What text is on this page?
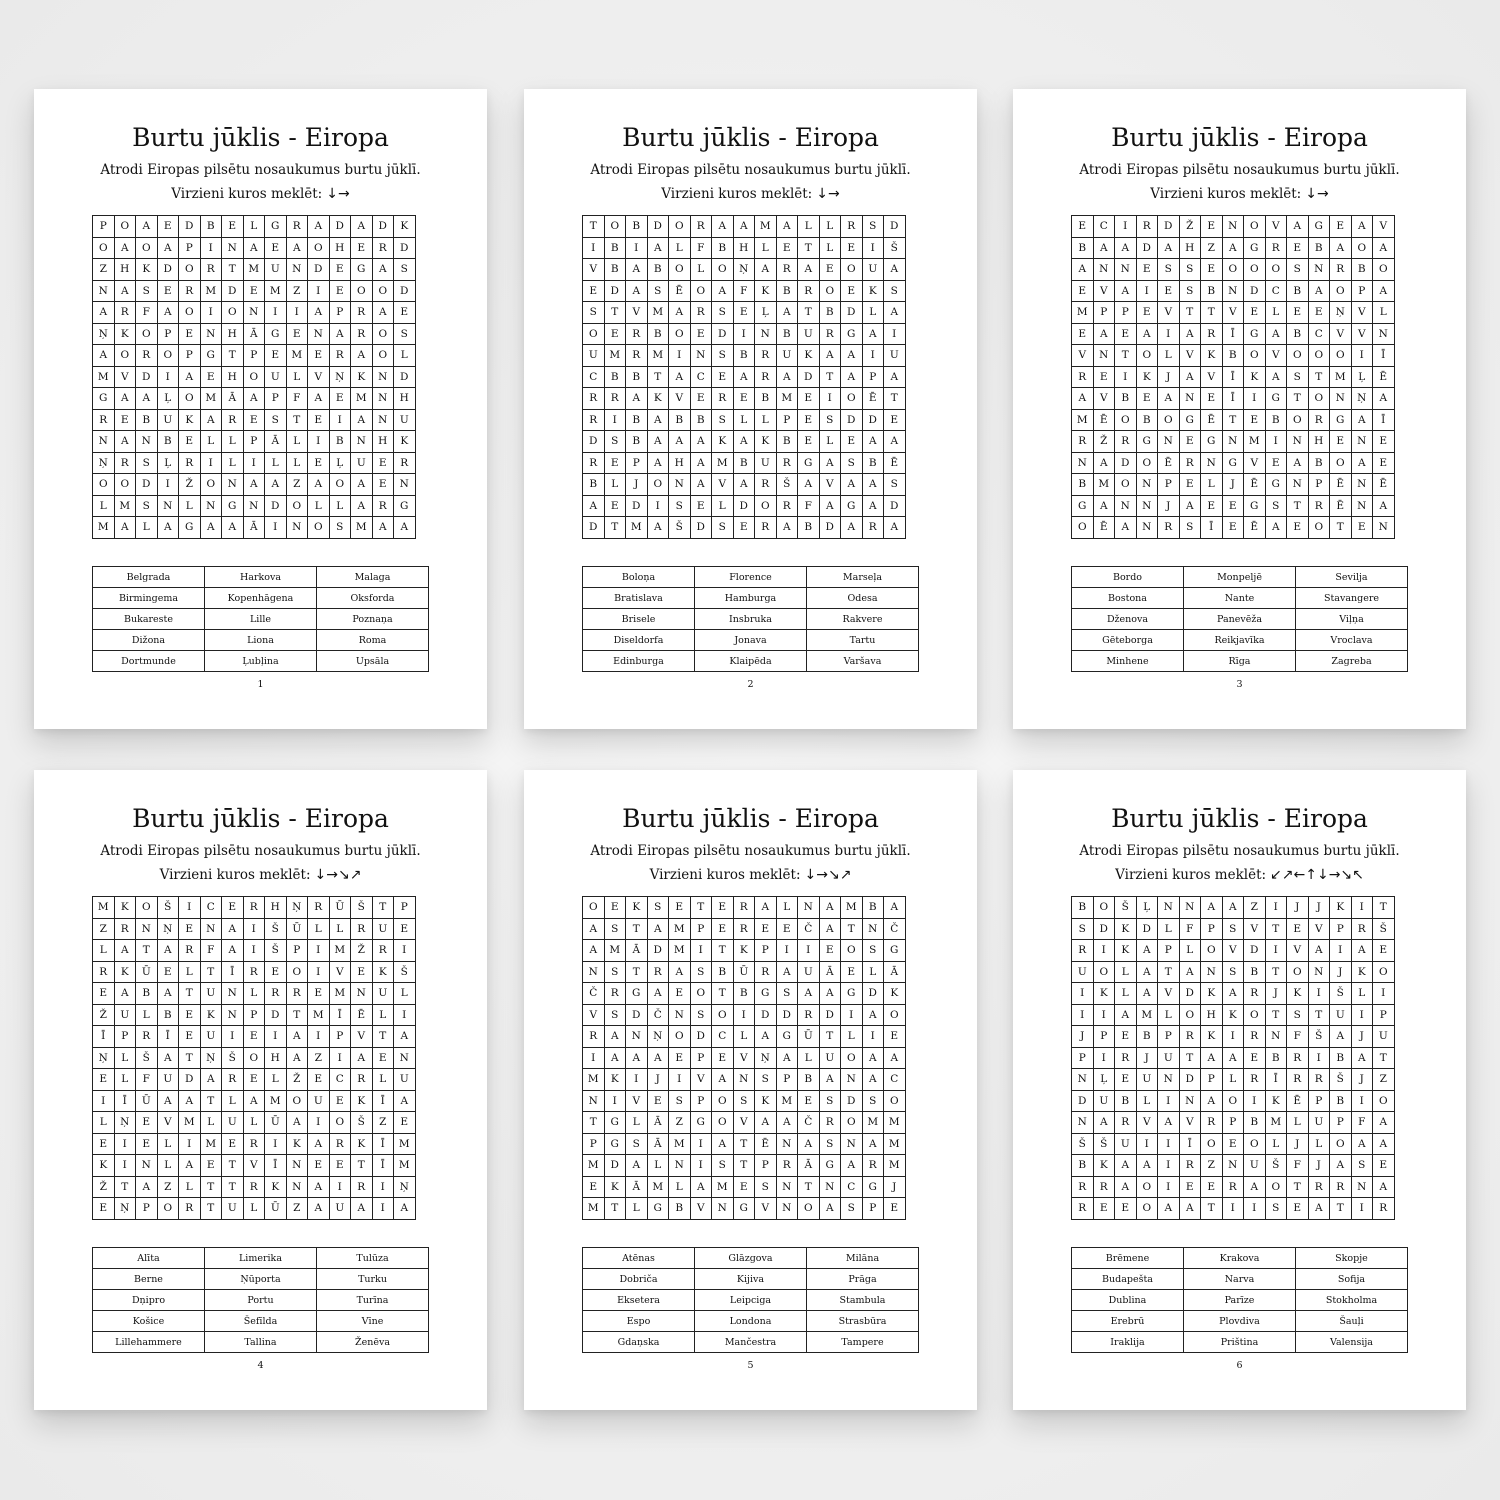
Burtu jūklis - Eiropa
Atrodi Eiropas pilsētu nosaukumus burtu jūklī.
Virzieni kuros meklēt: ↓→
P	O	A	E	D	B	E	L	G	R	A	D	A	D	K
O	A	O	A	P	I	N	A	E	A	O	H	E	R	D
Z	H	K	D	O	R	T	M	U	N	D	E	G	A	S
N	A	S	E	R	M	D	E	M	Z	I	E	O	O	D
A	R	F	A	O	I	O	N	I	I	A	P	R	A	E
Ņ	K	O	P	E	N	H	Ā	G	E	N	A	R	O	S
A	O	R	O	P	G	T	P	E	M	E	R	A	O	L
M	V	D	I	A	E	H	O	U	L	V	Ņ	K	N	D
G	A	A	Ļ	O	M	Ā	A	P	F	A	E	M	N	H
R	E	B	U	K	A	R	E	S	T	E	I	A	N	U
N	A	N	B	E	L	L	P	Ā	L	I	B	N	H	K
Ņ	R	S	Ļ	R	I	L	I	L	L	E	Ļ	U	E	R
O	O	D	I	Ž	O	N	A	A	Z	A	O	A	E	N
L	M	S	N	L	N	G	N	D	O	L	L	A	R	G
M	A	L	A	G	A	A	Ā	I	N	O	S	M	A	A
Belgrada	Harkova	Malaga
Birmingema	Kopenhāgena	Oksforda
Bukareste	Lille	Poznaņa
Dižona	Liona	Roma
Dortmunde	Ļubļina	Upsāla
1
Burtu jūklis - Eiropa
Atrodi Eiropas pilsētu nosaukumus burtu jūklī.
Virzieni kuros meklēt: ↓→
T	O	B	D	O	R	A	A	M	A	L	L	R	S	D
I	B	I	A	L	F	B	H	L	E	T	L	E	I	Š
V	B	A	B	O	L	O	Ņ	A	R	A	E	O	U	A
E	D	A	S	Ē	O	A	F	K	B	R	O	E	K	S
S	T	V	M	A	R	S	E	Ļ	A	T	B	D	L	A
O	E	R	B	O	E	D	I	N	B	U	R	G	A	I
U	M	R	M	I	N	S	B	R	U	K	A	A	I	U
C	B	B	T	A	C	E	A	R	A	D	T	A	P	A
R	R	A	K	V	E	R	E	B	M	E	I	O	Ē	T
R	I	B	A	B	B	S	L	L	P	E	S	D	D	E
D	S	B	A	A	A	K	A	K	B	E	L	E	A	A
R	E	P	A	H	A	M	B	U	R	G	A	S	B	Ē
B	L	J	O	N	A	V	A	R	Š	A	V	A	A	S
A	E	D	I	S	E	L	D	O	R	F	A	G	A	D
D	T	M	A	Š	D	S	E	R	A	B	D	A	R	A
Boloņa	Florence	Marseļa
Bratislava	Hamburga	Odesa
Brisele	Insbruka	Rakvere
Diseldorfa	Jonava	Tartu
Edinburga	Klaipēda	Varšava
2
Burtu jūklis - Eiropa
Atrodi Eiropas pilsētu nosaukumus burtu jūklī.
Virzieni kuros meklēt: ↓→
E	C	I	R	D	Ž	E	N	O	V	A	G	E	A	V
B	A	A	D	A	H	Z	A	G	R	E	B	A	O	A
A	N	N	E	S	S	E	O	O	O	S	N	R	B	O
E	V	A	I	E	S	B	N	D	C	B	A	O	P	A
M	P	P	E	V	T	T	V	E	L	E	E	Ņ	V	L
E	A	E	A	I	A	R	Ī	G	A	B	C	V	V	N
V	N	T	O	L	V	K	B	O	V	O	O	O	I	Ī
R	E	I	K	J	A	V	Ī	K	A	S	T	M	Ļ	Ē
A	V	B	E	A	N	E	Ī	I	G	T	O	N	Ņ	A
M	Ē	O	B	O	G	Ē	T	E	B	O	R	G	A	Ī
R	Ž	R	G	N	E	G	N	M	I	N	H	E	N	E
N	A	D	O	Ē	R	N	G	V	E	A	B	O	A	E
B	M	O	N	P	E	L	J	Ē	G	N	P	Ē	N	Ē
G	A	N	N	J	A	E	E	G	S	T	R	Ē	N	A
O	Ē	A	N	R	S	Ī	E	Ē	A	E	O	T	E	N
Bordo	Monpeljē	Sevilja
Bostona	Nante	Stavangere
Dženova	Panevēža	Viļņa
Gēteborga	Reikjavīka	Vroclava
Minhene	Rīga	Zagreba
3
Burtu jūklis - Eiropa
Atrodi Eiropas pilsētu nosaukumus burtu jūklī.
Virzieni kuros meklēt: ↓→↘↗
M	K	O	Š	I	C	E	R	H	Ņ	R	Ū	Š	T	P
Z	R	N	Ņ	E	N	A	I	Š	Ū	L	L	R	U	E
L	A	T	A	R	F	A	I	Š	P	I	M	Ž	R	I
R	K	Ū	E	L	T	Ī	R	E	O	I	V	E	K	Š
E	A	B	A	T	U	N	L	R	R	E	M	N	U	L
Ž	U	L	B	E	K	N	P	D	T	M	Ī	Ē	L	I
Ī	P	R	Ī	E	U	I	E	I	A	I	P	V	T	A
Ņ	L	Š	A	T	Ņ	Š	O	H	A	Z	I	A	E	N
E	L	F	U	D	A	R	E	L	Ž	E	C	R	L	U
I	Ī	Ū	A	A	T	L	A	M	O	U	E	K	Ī	A
L	Ņ	E	V	M	L	U	L	Ū	A	I	O	Š	Z	E
E	I	E	L	I	M	E	R	I	K	A	R	K	Ī	M
K	I	N	L	A	E	T	V	Ī	N	E	E	T	Ī	M
Ž	T	A	Z	L	T	T	R	K	N	A	I	R	I	Ņ
E	Ņ	P	O	R	T	U	L	Ū	Z	A	U	A	I	A
Alīta	Limerika	Tulūza
Berne	Ņūporta	Turku
Dņipro	Portu	Turīna
Košice	Šefīlda	Vīne
Lillehammere	Tallina	Ženēva
4
Burtu jūklis - Eiropa
Atrodi Eiropas pilsētu nosaukumus burtu jūklī.
Virzieni kuros meklēt: ↓→↘↗
O	E	K	S	E	T	E	R	A	L	N	A	M	B	A
A	S	T	A	M	P	E	R	E	E	Č	A	T	N	Č
A	M	Ā	D	M	I	T	K	P	I	I	E	O	S	G
N	S	T	R	A	S	B	Ū	R	A	U	Ā	E	L	Ā
Č	R	G	A	E	O	T	B	G	S	A	A	G	D	K
V	S	D	Č	N	S	O	I	D	D	R	D	I	A	O
R	A	N	Ņ	O	D	C	L	A	G	Ū	T	L	I	E
I	A	A	A	E	P	E	V	Ņ	A	L	U	O	A	A
M	K	I	J	I	V	A	N	S	P	B	A	N	A	C
N	I	V	E	S	P	O	S	K	M	E	S	D	S	O
T	G	L	Ā	Z	G	O	V	A	A	Č	R	O	M	M
P	G	S	Ā	M	I	A	T	Ē	N	A	S	N	A	M
M	D	A	L	N	I	S	T	P	R	Ā	G	A	R	M
E	K	Ā	M	L	A	M	E	S	N	T	N	C	G	J
M	T	L	G	B	V	N	G	V	N	O	A	S	P	E
Atēnas	Glāzgova	Milāna
Dobriča	Kijiva	Prāga
Eksetera	Leipciga	Stambula
Espo	Londona	Strasbūra
Gdaņska	Mančestra	Tampere
5
Burtu jūklis - Eiropa
Atrodi Eiropas pilsētu nosaukumus burtu jūklī.
Virzieni kuros meklēt: ↙↗←↑↓→↘↖
B	O	Š	Ļ	N	N	A	A	Z	I	J	J	K	I	T
S	D	K	D	L	F	P	S	V	T	E	V	P	R	Š
R	I	K	A	P	L	O	V	D	I	V	A	I	A	E
U	O	L	A	T	A	N	S	B	T	O	N	J	K	O
I	K	L	A	V	D	K	A	R	J	K	I	Š	L	I
I	I	A	M	L	O	H	K	O	T	S	T	U	I	P
J	P	E	B	P	R	K	I	R	N	F	Š	A	J	U
P	I	R	J	U	T	A	A	E	B	R	I	B	A	T
N	Ļ	E	U	N	D	P	L	R	Ī	R	R	Š	J	Z
D	U	B	L	I	N	A	O	I	K	Ē	P	B	I	O
N	A	R	V	A	V	R	P	B	M	L	U	P	F	A
Š	Š	U	I	I	Ī	O	E	O	L	J	L	O	A	A
B	K	A	A	I	R	Z	N	U	Š	F	J	A	S	E
R	R	A	O	I	E	E	R	A	O	T	R	R	N	A
R	E	E	O	A	A	T	I	I	S	E	A	T	I	R
Brēmene	Krakova	Skopje
Budapešta	Narva	Sofija
Dublina	Parīze	Stokholma
Erebrū	Plovdiva	Šauļi
Iraklija	Priština	Valensija
6
